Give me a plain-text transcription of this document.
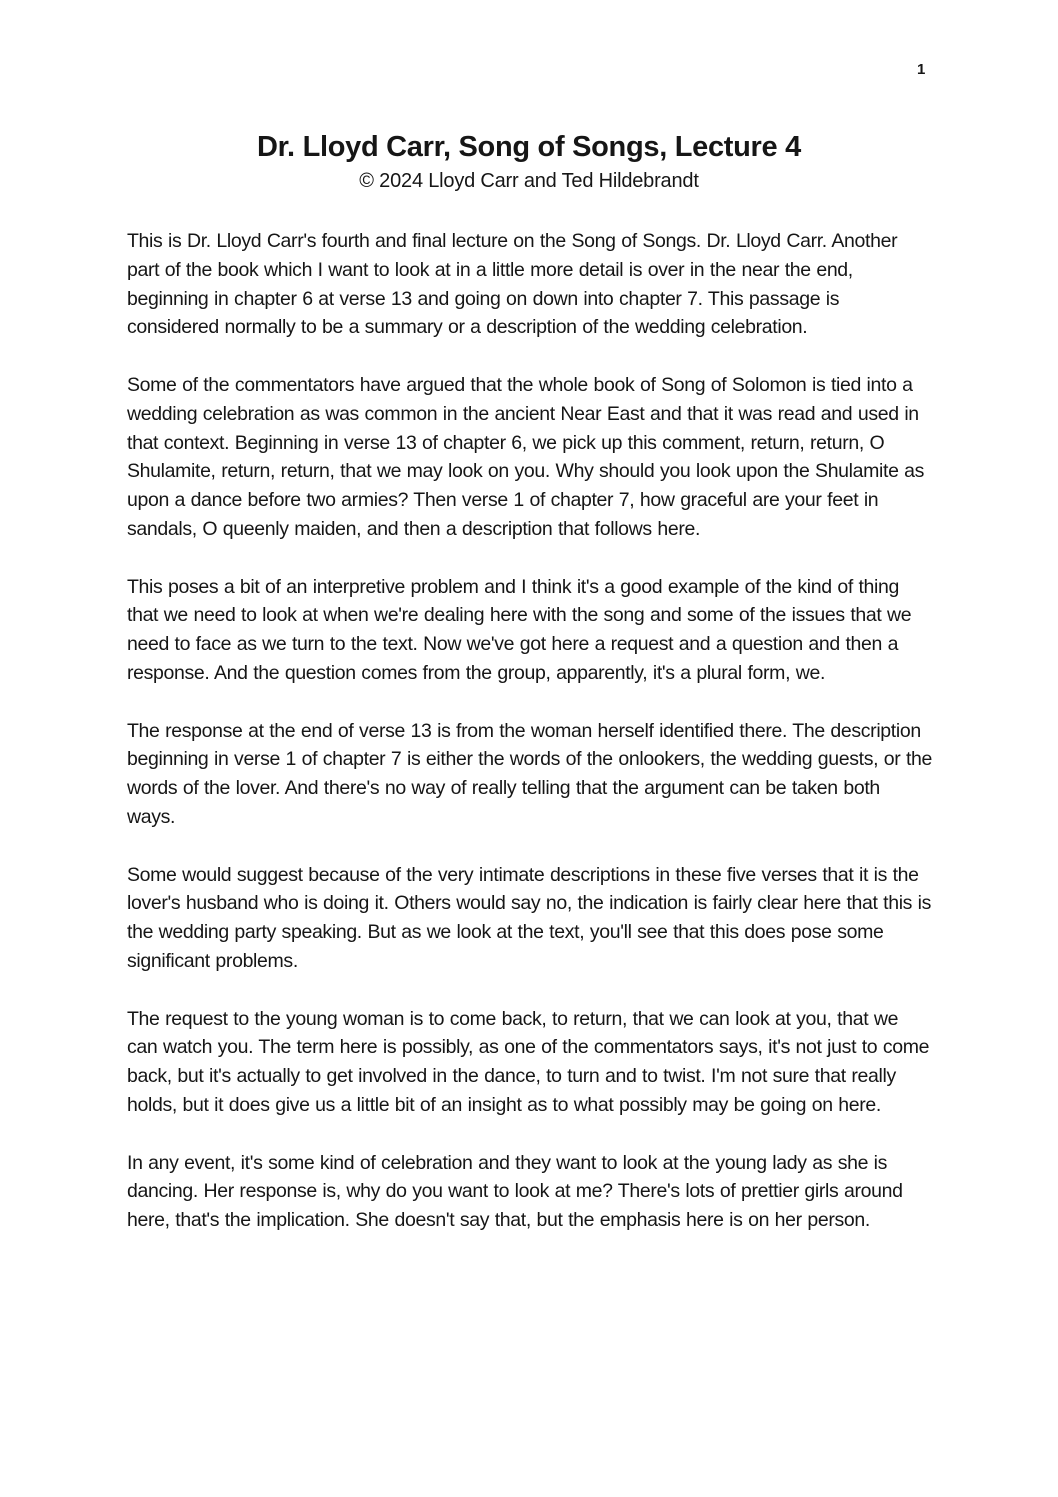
1
Dr. Lloyd Carr, Song of Songs, Lecture 4
© 2024 Lloyd Carr and Ted Hildebrandt

This is Dr. Lloyd Carr's fourth and final lecture on the Song of Songs. Dr. Lloyd Carr. Another part of the book which I want to look at in a little more detail is over in the near the end, beginning in chapter 6 at verse 13 and going on down into chapter 7. This passage is considered normally to be a summary or a description of the wedding celebration.

Some of the commentators have argued that the whole book of Song of Solomon is tied into a wedding celebration as was common in the ancient Near East and that it was read and used in that context. Beginning in verse 13 of chapter 6, we pick up this comment, return, return, O Shulamite, return, return, that we may look on you. Why should you look upon the Shulamite as upon a dance before two armies? Then verse 1 of chapter 7, how graceful are your feet in sandals, O queenly maiden, and then a description that follows here.

This poses a bit of an interpretive problem and I think it's a good example of the kind of thing that we need to look at when we're dealing here with the song and some of the issues that we need to face as we turn to the text. Now we've got here a request and a question and then a response. And the question comes from the group, apparently, it's a plural form, we.

The response at the end of verse 13 is from the woman herself identified there. The description beginning in verse 1 of chapter 7 is either the words of the onlookers, the wedding guests, or the words of the lover. And there's no way of really telling that the argument can be taken both ways.

Some would suggest because of the very intimate descriptions in these five verses that it is the lover's husband who is doing it. Others would say no, the indication is fairly clear here that this is the wedding party speaking. But as we look at the text, you'll see that this does pose some significant problems.

The request to the young woman is to come back, to return, that we can look at you, that we can watch you. The term here is possibly, as one of the commentators says, it's not just to come back, but it's actually to get involved in the dance, to turn and to twist. I'm not sure that really holds, but it does give us a little bit of an insight as to what possibly may be going on here.

In any event, it's some kind of celebration and they want to look at the young lady as she is dancing. Her response is, why do you want to look at me? There's lots of prettier girls around here, that's the implication. She doesn't say that, but the emphasis here is on her person.
